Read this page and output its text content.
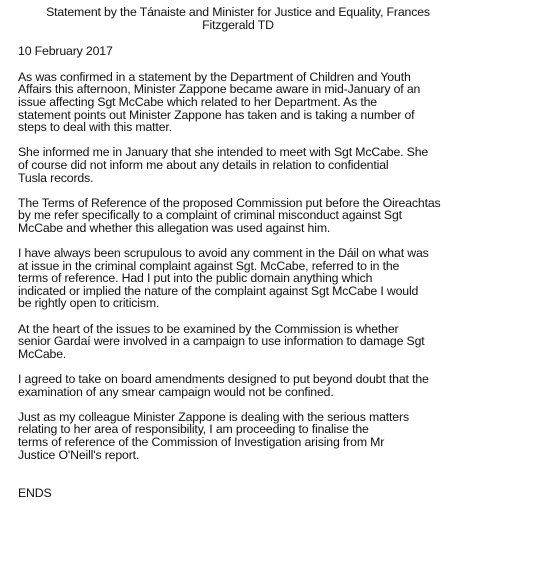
Statement by the Tánaiste and Minister for Justice and Equality, Frances
Fitzgerald TD
10 February 2017
As was confirmed in a statement by the Department of Children and Youth
Affairs this afternoon, Minister Zappone became aware in mid-January of an
issue affecting Sgt McCabe which related to her Department. As the
statement points out Minister Zappone has taken and is taking a number of
steps to deal with this matter.
She informed me in January that she intended to meet with Sgt McCabe. She
of course did not inform me about any details in relation to confidential
Tusla records.
The Terms of Reference of the proposed Commission put before the Oireachtas
by me refer specifically to a complaint of criminal misconduct against Sgt
McCabe and whether this allegation was used against him.
I have always been scrupulous to avoid any comment in the Dáil on what was
at issue in the criminal complaint against Sgt. McCabe, referred to in the
terms of reference. Had I put into the public domain anything which
indicated or implied the nature of the complaint against Sgt McCabe I would
be rightly open to criticism.
At the heart of the issues to be examined by the Commission is whether
senior Gardaí were involved in a campaign to use information to damage Sgt
McCabe.
I agreed to take on board amendments designed to put beyond doubt that the
examination of any smear campaign would not be confined.
Just as my colleague Minister Zappone is dealing with the serious matters
relating to her area of responsibility, I am proceeding to finalise the
terms of reference of the Commission of Investigation arising from Mr
Justice O'Neill's report.
ENDS
